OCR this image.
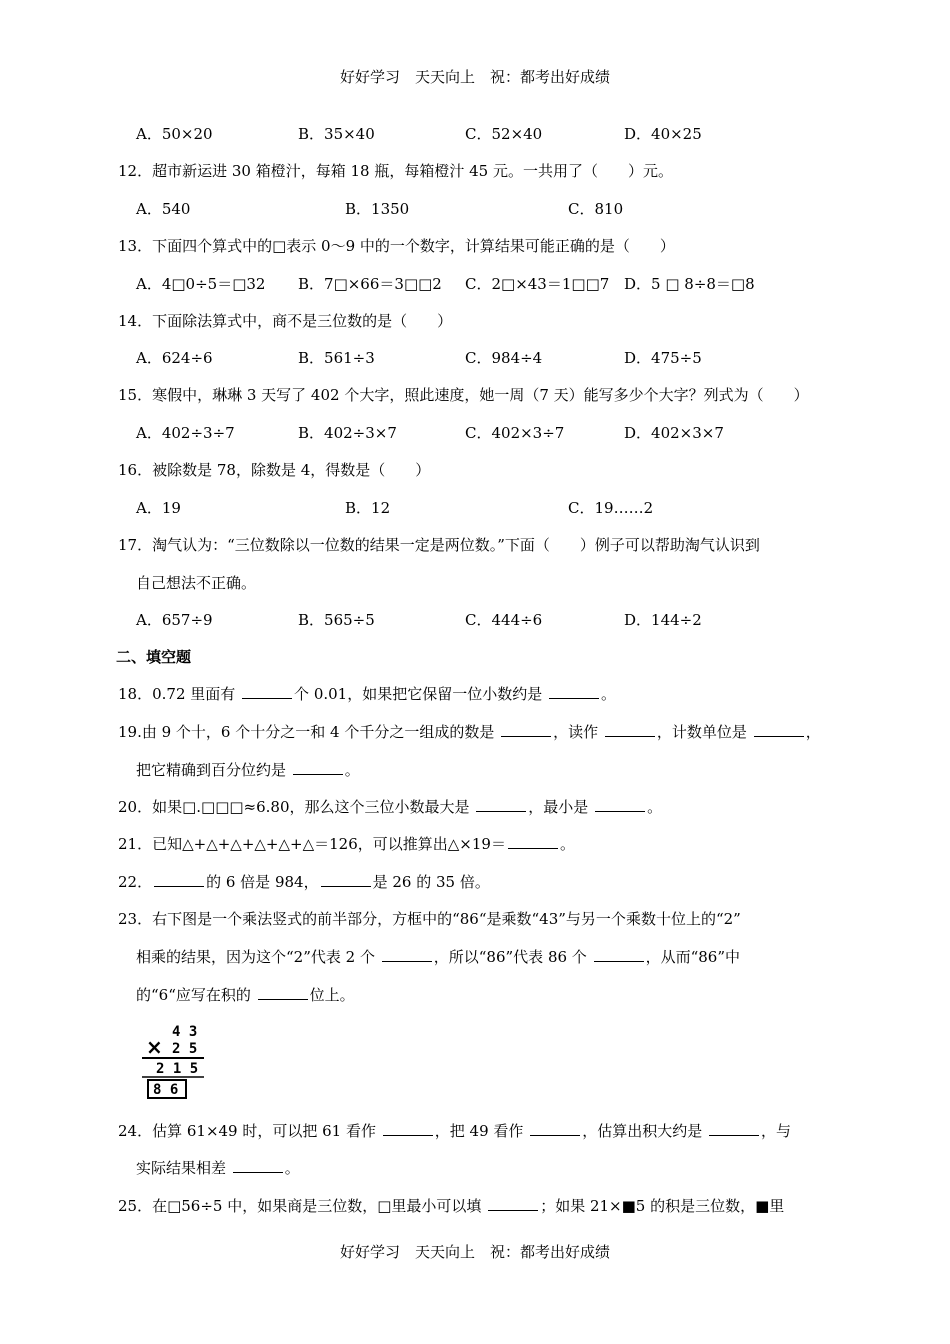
好好学习　天天向上　祝：都考出好成绩
A．50×20	B．35×40	C．52×40	D．40×25
12．超市新运进 30 箱橙汁，每箱 18 瓶，每箱橙汁 45 元。一共用了（　　）元。
A．540	B．1350	C．810
13．下面四个算式中的□表示 0～9 中的一个数字，计算结果可能正确的是（　　）
A．4□0÷5＝□32 B．7□×66＝3□□2 C．2□×43＝1□□7 D．5 □ 8÷8＝□8
14．下面除法算式中，商不是三位数的是（　　）
A．624÷6	B．561÷3	C．984÷4	D．475÷5
15．寒假中，琳琳 3 天写了 402 个大字，照此速度，她一周（7 天）能写多少个大字？列式为（　　）
A．402÷3÷7	B．402÷3×7	C．402×3÷7	D．402×3×7
16．被除数是 78，除数是 4，得数是（　　）
A．19	B．12	C．19……2
17．淘气认为：“三位数除以一位数的结果一定是两位数。”下面（　　）例子可以帮助淘气认识到
自己想法不正确。
A．657÷9	B．565÷5	C．444÷6	D．144÷2
二、填空题
18．0.72 里面有	个 0.01，如果把它保留一位小数约是	。
19.由 9 个十，6 个十分之一和 4 个千分之一组成的数是	，读作	，计数单位是	，
把它精确到百分位约是	。
20．如果□.□□□≈6.80，那么这个三位小数最大是	，最小是	。
21．已知△+△+△+△+△+△＝126，可以推算出△×19＝	。
22．	的 6 倍是 984，	是 26 的 35 倍。
23．右下图是一个乘法竖式的前半部分，方框中的“86“是乘数“43”与另一个乘数十位上的“2”
相乘的结果，因为这个“2”代表 2 个	，所以“86”代表 86 个	，从而“86”中
的“6“应写在积的	位上。
4 3
× 2 5
2 1 5
8 6
24．估算 61×49 时，可以把 61 看作	，把 49 看作	，估算出积大约是	，与
实际结果相差	。
25．在□56÷5 中，如果商是三位数，□里最小可以填	；如果 21×■5 的积是三位数，■里
好好学习　天天向上　祝：都考出好成绩
